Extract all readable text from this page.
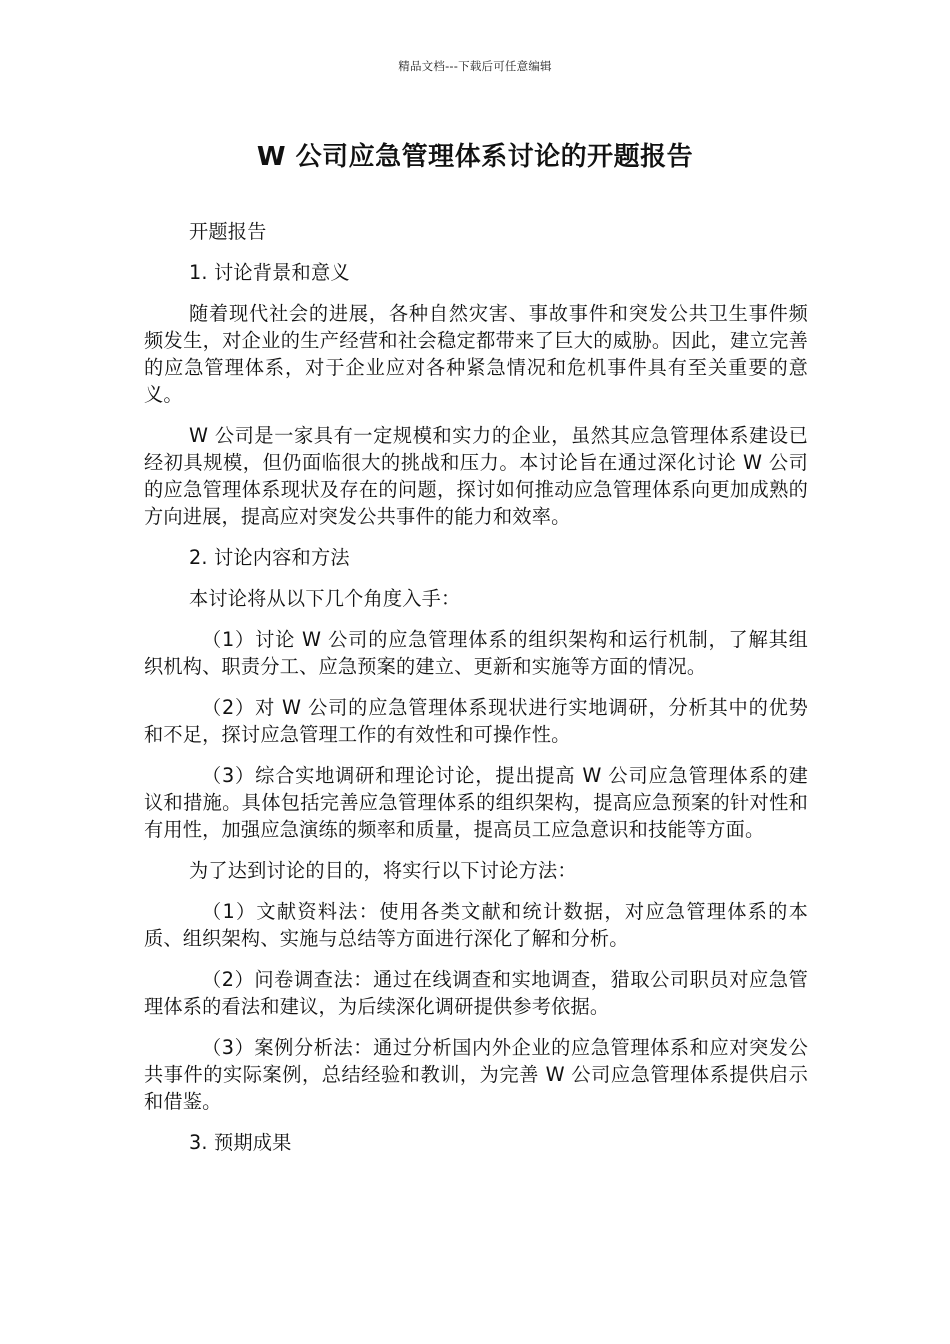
精品文档---下载后可任意编辑
W 公司应急管理体系讨论的开题报告

开题报告

1. 讨论背景和意义

随着现代社会的进展，各种自然灾害、事故事件和突发公共卫生事件频频发生，对企业的生产经营和社会稳定都带来了巨大的威胁。因此，建立完善的应急管理体系，对于企业应对各种紧急情况和危机事件具有至关重要的意义。

W 公司是一家具有一定规模和实力的企业，虽然其应急管理体系建设已经初具规模，但仍面临很大的挑战和压力。本讨论旨在通过深化讨论 W 公司的应急管理体系现状及存在的问题，探讨如何推动应急管理体系向更加成熟的方向进展，提高应对突发公共事件的能力和效率。

2. 讨论内容和方法

本讨论将从以下几个角度入手：

（1）讨论 W 公司的应急管理体系的组织架构和运行机制，了解其组织机构、职责分工、应急预案的建立、更新和实施等方面的情况。

（2）对 W 公司的应急管理体系现状进行实地调研，分析其中的优势和不足，探讨应急管理工作的有效性和可操作性。

（3）综合实地调研和理论讨论，提出提高 W 公司应急管理体系的建议和措施。具体包括完善应急管理体系的组织架构，提高应急预案的针对性和有用性，加强应急演练的频率和质量，提高员工应急意识和技能等方面。

为了达到讨论的目的，将实行以下讨论方法：

（1）文献资料法：使用各类文献和统计数据，对应急管理体系的本质、组织架构、实施与总结等方面进行深化了解和分析。

（2）问卷调查法：通过在线调查和实地调查，猎取公司职员对应急管理体系的看法和建议，为后续深化调研提供参考依据。

（3）案例分析法：通过分析国内外企业的应急管理体系和应对突发公共事件的实际案例，总结经验和教训，为完善 W 公司应急管理体系提供启示和借鉴。

3. 预期成果
